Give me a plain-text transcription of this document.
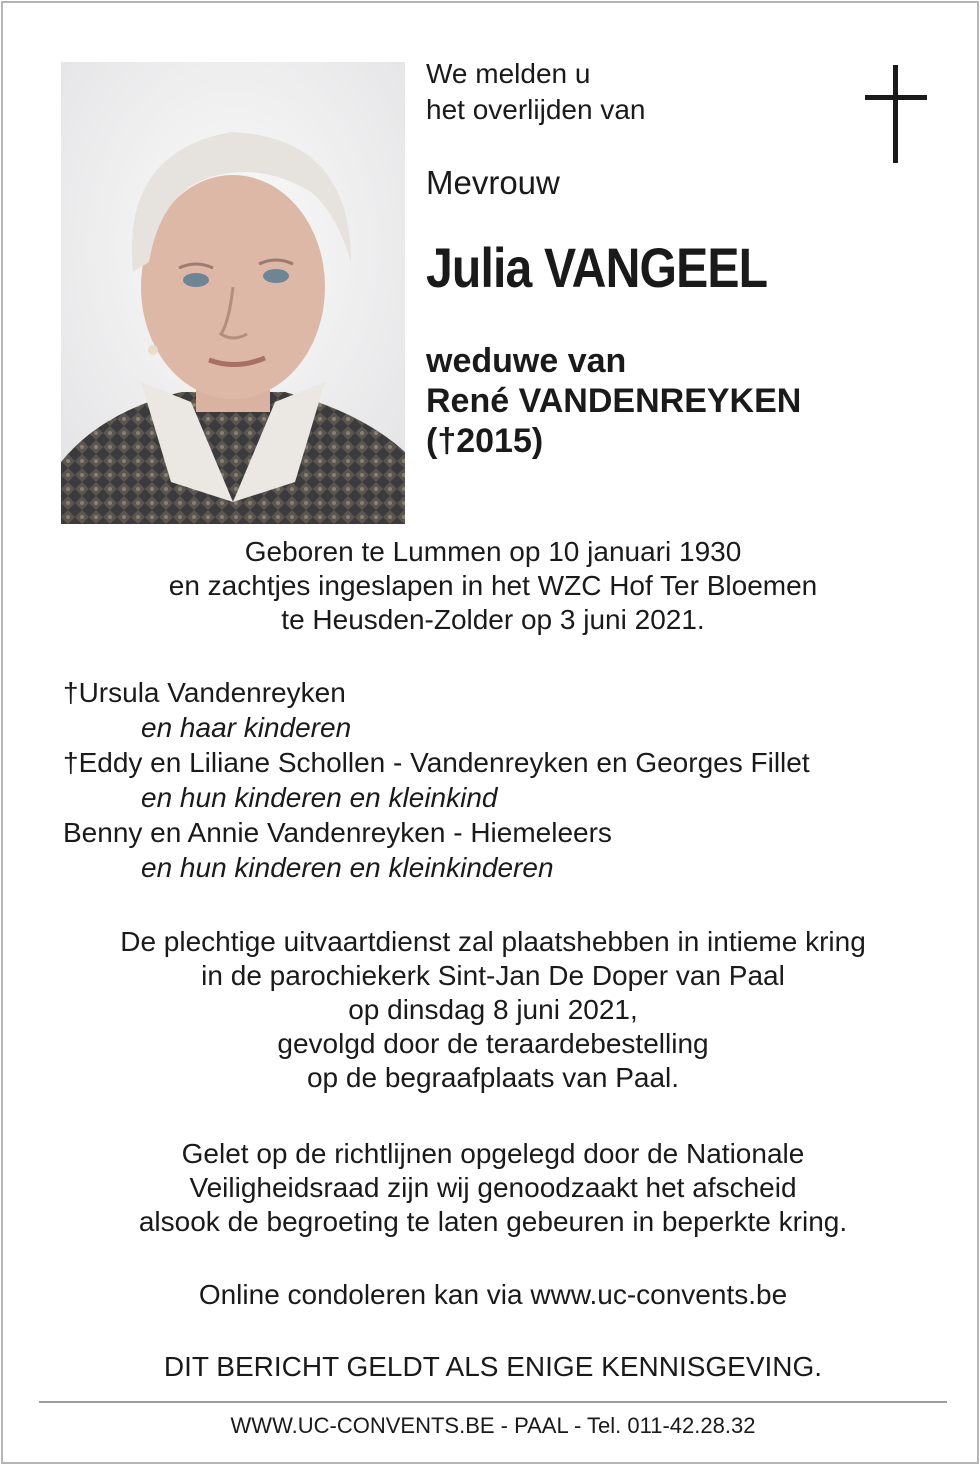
We melden u
het overlijden van
Mevrouw
Julia VANGEEL
weduwe van
René VANDENREYKEN
(†2015)
Geboren te Lummen op 10 januari 1930
en zachtjes ingeslapen in het WZC Hof Ter Bloemen
te Heusden-Zolder op 3 juni 2021.
†Ursula Vandenreyken
en haar kinderen
†Eddy en Liliane Schollen - Vandenreyken en Georges Fillet
en hun kinderen en kleinkind
Benny en Annie Vandenreyken - Hiemeleers
en hun kinderen en kleinkinderen
De plechtige uitvaartdienst zal plaatshebben in intieme kring
in de parochiekerk Sint-Jan De Doper van Paal
op dinsdag 8 juni 2021,
gevolgd door de teraardebestelling
op de begraafplaats van Paal.
Gelet op de richtlijnen opgelegd door de Nationale
Veiligheidsraad zijn wij genoodzaakt het afscheid
alsook de begroeting te laten gebeuren in beperkte kring.
Online condoleren kan via www.uc-convents.be
DIT BERICHT GELDT ALS ENIGE KENNISGEVING.
WWW.UC-CONVENTS.BE - PAAL - Tel. 011-42.28.32
